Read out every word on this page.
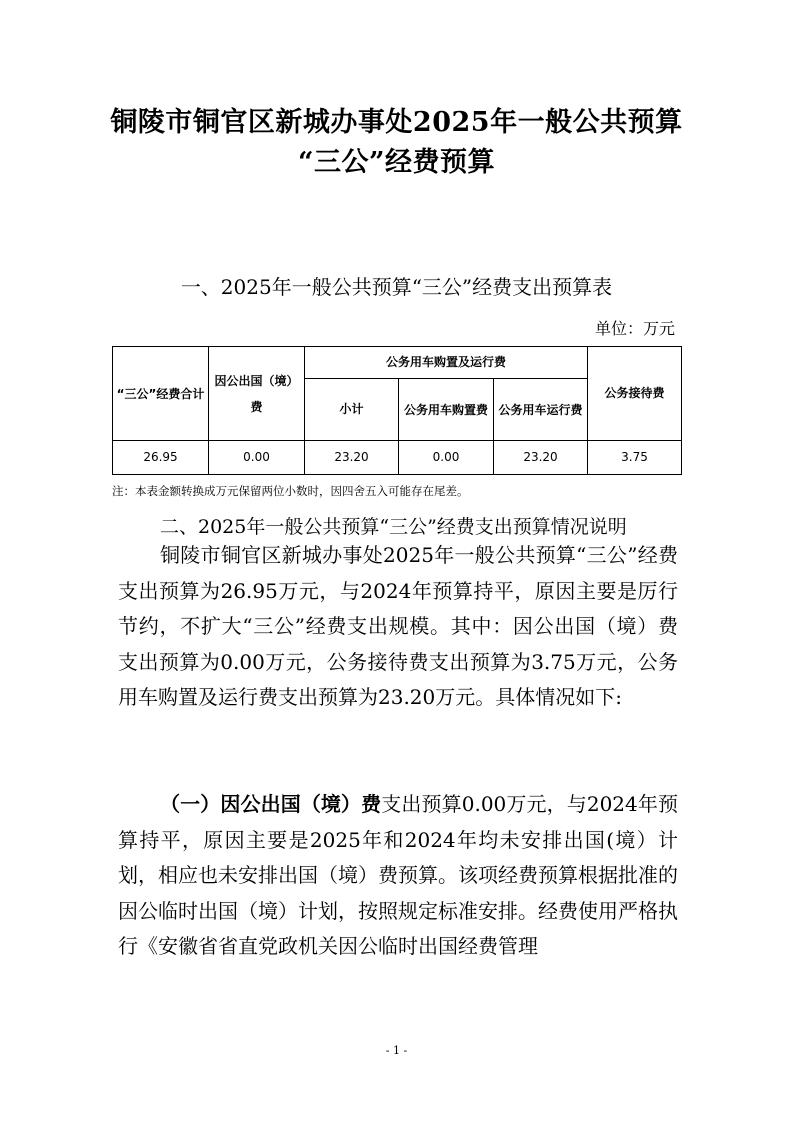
铜陵市铜官区新城办事处2025年一般公共预算
“三公”经费预算
一、2025年一般公共预算“三公”经费支出预算表
单位：万元
“三公”经费合计	因公出国（境）费	公务用车购置及运行费			公务接待费
		小计	公务用车购置费	公务用车运行费	
26.95	0.00	23.20	0.00	23.20	3.75
注：本表金额转换成万元保留两位小数时，因四舍五入可能存在尾差。
二、2025年一般公共预算“三公”经费支出预算情况说明

铜陵市铜官区新城办事处2025年一般公共预算“三公”经费支出预算为26.95万元，与2024年预算持平，原因主要是厉行节约，不扩大“三公”经费支出规模。其中：因公出国（境）费支出预算为0.00万元，公务接待费支出预算为3.75万元，公务用车购置及运行费支出预算为23.20万元。具体情况如下:

（一）因公出国（境）费支出预算0.00万元，与2024年预算持平，原因主要是2025年和2024年均未安排出国(境）计划，相应也未安排出国（境）费预算。该项经费预算根据批准的因公临时出国（境）计划，按照规定标准安排。经费使用严格执行《安徽省省直党政机关因公临时出国经费管理

- 1 -
